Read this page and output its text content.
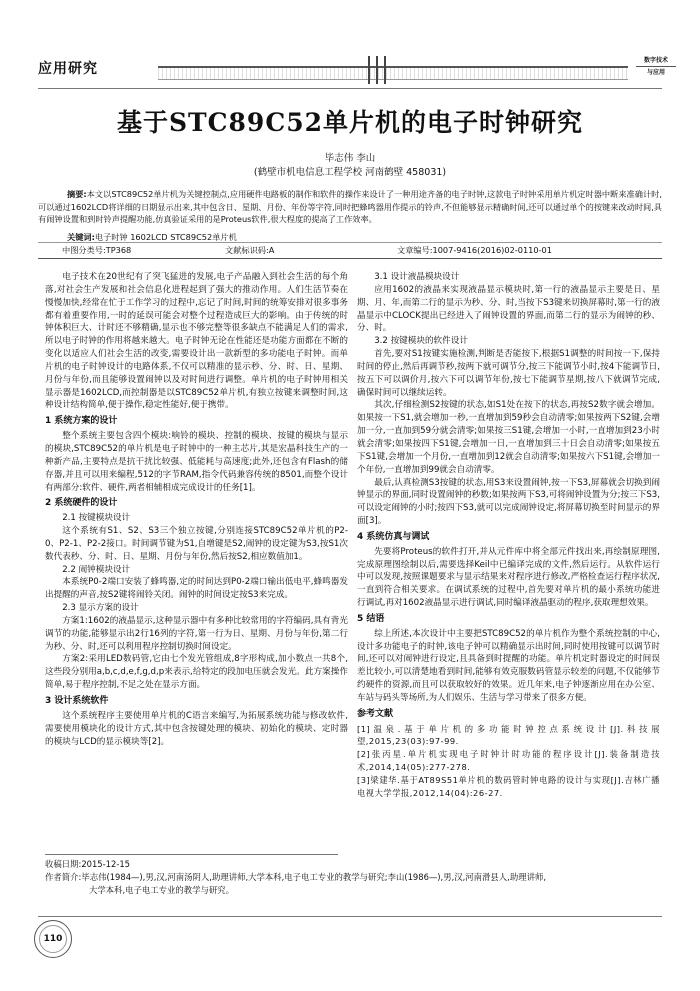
应用研究
数字技术
与应用
基于STC89C52单片机的电子时钟研究
毕志伟 李山
(鹤壁市机电信息工程学校 河南鹤壁 458031)
摘要:本文以STC89C52单片机为关键控制点,应用硬件电路板的制作和软件的操作来设计了一种用途齐备的电子时钟,这款电子时钟采用单片机定时器中断来准确计时,可以通过1602LCD将详细的日期显示出来,其中包含日、星期、月份、年份等字符,同时把蜂鸣器用作提示的铃声,不但能够显示精确时间,还可以通过单个的按键来改动时间,具有闹钟设置和到时铃声提醒功能,仿真验证采用的是Proteus软件,很大程度的提高了工作效率。
关键词:电子时钟 1602LCD STC89C52单片机
中图分类号:TP368	文献标识码:A	文章编号:1007-9416(2016)02-0110-01

电子技术在20世纪有了突飞猛进的发展,电子产品融入到社会生活的每个角落,对社会生产发展和社会信息化进程起到了强大的推动作用。人们生活节奏在慢慢加快,经常在忙于工作学习的过程中,忘记了时间,时间的统筹安排对很多事务都有着重要作用,一时的延误可能会对整个过程造成巨大的影响。由于传统的时钟体积巨大、计时还不够精确,显示也不够完整等很多缺点不能满足人们的需求,所以电子时钟的作用将越来越大。电子时钟无论在性能还是功能方面都在不断的变化以适应人们社会生活的改变,需要设计出一款新型的多功能电子时钟。而单片机的电子时钟设计的电路体系,不仅可以精准的显示秒、分、时、日、星期、月份与年份,而且能够设置闹钟以及对时间进行调整。单片机的电子时钟用相关显示器是1602LCD,而控制器是以STC89C52单片机,有独立按键来调整时间,这种设计结构简单,便于操作,稳定性能好,便于携带。

1 系统方案的设计

整个系统主要包含四个模块:响铃的模块、控制的模块、按键的模块与显示的模块,STC89C52的单片机是电子时钟中的一种主芯片,其是宏晶科技生产的一种新产品,主要特点是抗干扰比较强、低能耗与高速度;此外,还包含有Flash的储存器,并且可以用来编程,512的字节RAM,指令代码兼容传统的8501,而整个设计有两部分:软件、硬件,两者相辅相成完成设计的任务[1]。

2 系统硬件的设计

2.1 按键模块设计

这个系统有S1、S2、S3三个独立按键,分别连接STC89C52单片机的P2-0、P2-1、P2-2接口。时间调节键为S1,自增键是S2,闹钟的设定键为S3,按S1次数代表秒、分、时、日、星期、月份与年份,然后按S2,相应数值加1。

2.2 闹钟模块设计

本系统P0-2端口安装了蜂鸣器,定的时间达到P0-2端口输出低电平,蜂鸣器发出提醒的声音,按S2键将闹铃关闭。闹钟的时间设定按S3来完成。

2.3 显示方案的设计

方案1:1602的液晶显示,这种显示器中有多种比较常用的字符编码,具有背光调节的功能,能够显示出2行16列的字符,第一行为日、星期、月份与年份,第二行为秒、分、时,还可以利用程序控制切换时间设定。

方案2:采用LED数码管,它由七个发光管组成,8字形构成,加小数点一共8个,这些段分别用a,b,c,d,e,f,g,d,p来表示,给特定的段加电压就会发光。此方案操作简单,易于程序控制,不足之处在显示方面。

3 设计系统软件

这个系统程序主要使用单片机的C语言来编写,为拓展系统功能与修改软件,需要使用模块化的设计方式,其中包含按键处理的模块、初始化的模块、定时器的模块与LCD的显示模块等[2]。

3.1 设计液晶模块设计

应用1602的液晶来实现液晶显示模块时,第一行的液晶显示主要是日、星期、月、年,而第二行的显示为秒、分、时,当按下S3键来切换屏幕时,第一行的液晶显示中CLOCK提出已经进入了闹钟设置的界面,而第二行的显示为闹钟的秒、分、时。

3.2 按键模块的软件设计

首先,要对S1按键实施检测,判断是否能按下,根据S1调整的时间按一下,保持时间的停止,然后再调节秒,按两下就可调节分,按三下能调节小时,按4下能调节日,按五下可以调价月,按六下可以调节年份,按七下能调节星期,按八下就调节完成,确保时间可以继续运转。

其次,仔细检测S2按键的状态,如S1处在按下的状态,再按S2数字就会增加。如果按一下S1,就会增加一秒,一直增加到59秒会自动清零;如果按两下S2键,会增加一分,一直加到59分就会清零;如果按三S1键,会增加一小时,一直增加到23小时就会清零;如果按四下S1键,会增加一日,一直增加到三十日会自动清零;如果按五下S1键,会增加一个月份,一直增加到12就会自动清零;如果按六下S1键,会增加一个年份,一直增加到99就会自动清零。

最后,认真检测S3按键的状态,用S3来设置闹钟,按一下S3,屏幕就会切换到闹钟显示的界面,同时设置闹钟的秒数;如果按两下S3,可将闹钟设置为分;按三下S3,可以设定闹钟的小时;按四下S3,就可以完成闹钟设定,将屏幕切换至时间显示的界面[3]。

4 系统仿真与调试

先要将Proteus的软件打开,并从元件库中将全部元件找出来,再绘制原理图,完成原理图绘制以后,需要选择Keil中已编译完成的文件,然后运行。从软件运行中可以发现,按照课题要求与显示结果来对程序进行修改,严格检查运行程序状况,一直到符合相关要求。在调试系统的过程中,首先要对单片机的最小系统功能进行调试,再对1602液晶显示进行调试,同时编译液晶驱动的程序,获取理想效果。

5 结语

综上所述,本次设计中主要把STC89C52的单片机作为整个系统控制的中心,设计多功能电子的时钟,该电子钟可以精确显示出时间,同时使用按键可以调节时间,还可以对闹钟进行设定,且具备到时提醒的功能。单片机定时器设定的时间误差比较小,可以清楚地看到时间,能够有效克服数码管显示较差的问题,不仅能够节约硬件的资源,而且可以获取较好的效果。近几年来,电子钟逐渐应用在办公室、车站与码头等场所,为人们娱乐、生活与学习带来了很多方便。

参考文献

[1]温泉.基于单片机的多功能时钟控点系统设计[J].科技展望,2015,23(03):97-99.

[2]张丙星.单片机实现电子时钟计时功能的程序设计[J].装备制造技术,2014,14(05):277-278.

[3]梁建华.基于AT89S51单片机的数码管时钟电路的设计与实现[J].吉林广播电视大学学报,2012,14(04):26-27.

收稿日期:2015-12-15
作者简介:毕志伟(1984—),男,汉,河南汤阴人,助理讲师,大学本科,电子电工专业的教学与研究;李山(1986—),男,汉,河南滑县人,助理讲师,
大学本科,电子电工专业的教学与研究。
110
